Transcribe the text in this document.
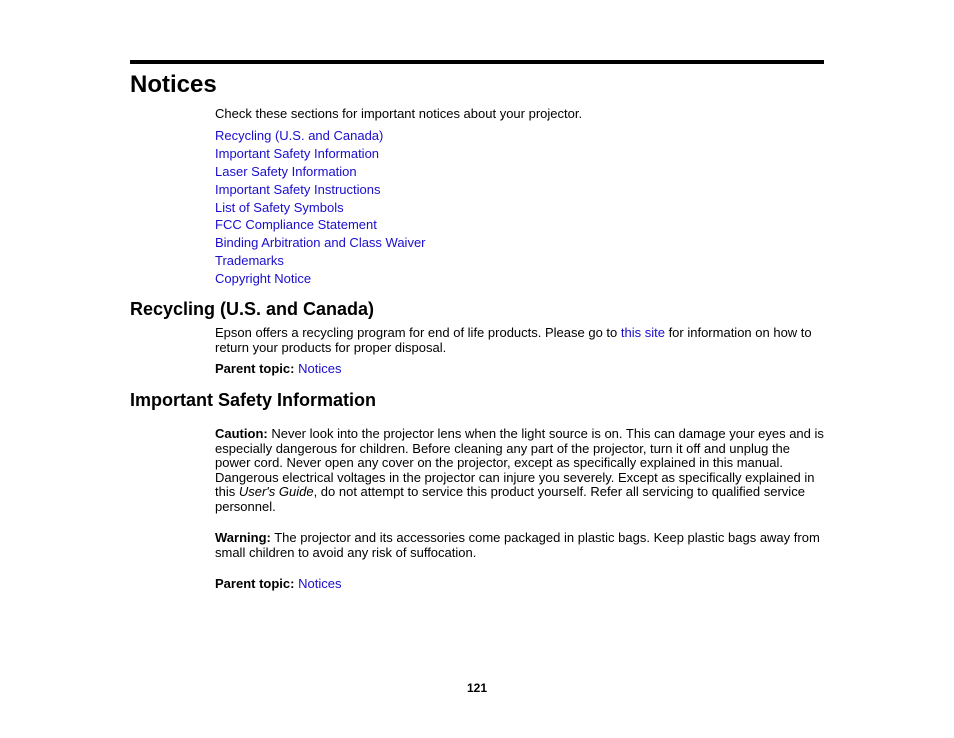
Notices

Check these sections for important notices about your projector.

Recycling (U.S. and Canada)
Important Safety Information
Laser Safety Information
Important Safety Instructions
List of Safety Symbols
FCC Compliance Statement
Binding Arbitration and Class Waiver
Trademarks
Copyright Notice
Recycling (U.S. and Canada)

Epson offers a recycling program for end of life products. Please go to this site for information on how to return your products for proper disposal.

Parent topic: Notices

Important Safety Information

Caution: Never look into the projector lens when the light source is on. This can damage your eyes and is especially dangerous for children. Before cleaning any part of the projector, turn it off and unplug the power cord. Never open any cover on the projector, except as specifically explained in this manual. Dangerous electrical voltages in the projector can injure you severely. Except as specifically explained in this User's Guide, do not attempt to service this product yourself. Refer all servicing to qualified service personnel.

Warning: The projector and its accessories come packaged in plastic bags. Keep plastic bags away from small children to avoid any risk of suffocation.

Parent topic: Notices

121
